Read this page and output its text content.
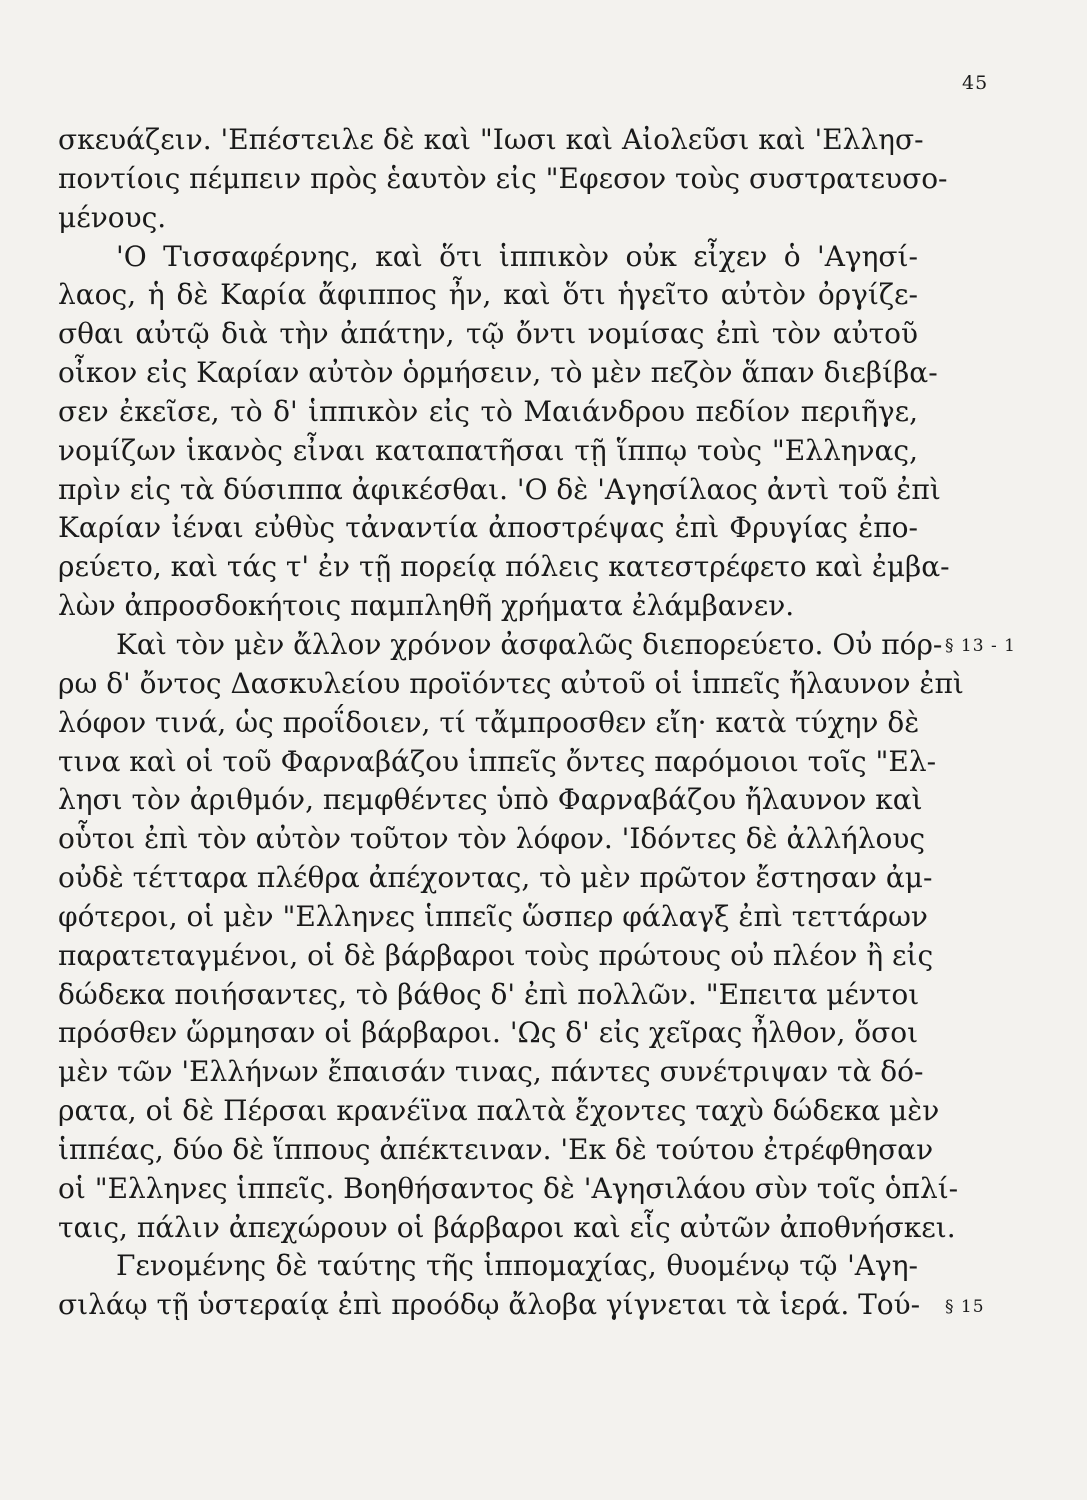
45
σκευάζειν. 'Επέστειλε δὲ καὶ "Ιωσι καὶ Αἰολεῦσι καὶ 'Ελλησ-
ποντίοις πέμπειν πρὸς ἑαυτὸν εἰς "Εφεσον τοὺς συστρατευσο-
μένους.
'Ο Τισσαφέρνης, καὶ ὅτι ἱππικὸν οὐκ εἶχεν ὁ 'Αγησί-
λαος, ἡ δὲ Καρία ἄφιππος ἦν, καὶ ὅτι ἡγεῖτο αὐτὸν ὀργίζε-
σθαι αὐτῷ διὰ τὴν ἀπάτην, τῷ ὄντι νομίσας ἐπὶ τὸν αὐτοῦ
οἶκον εἰς Καρίαν αὐτὸν ὁρμήσειν, τὸ μὲν πεζὸν ἅπαν διεβίβα-
σεν ἐκεῖσε, τὸ δ' ἱππικὸν εἰς τὸ Μαιάνδρου πεδίον περιῆγε,
νομίζων ἱκανὸς εἶναι καταπατῆσαι τῇ ἵππῳ τοὺς "Ελληνας,
πρὶν εἰς τὰ δύσιππα ἀφικέσθαι. 'Ο δὲ 'Αγησίλαος ἀντὶ τοῦ ἐπὶ
Καρίαν ἰέναι εὐθὺς τἀναντία ἀποστρέψας ἐπὶ Φρυγίας ἐπο-
ρεύετο, καὶ τάς τ' ἐν τῇ πορείᾳ πόλεις κατεστρέφετο καὶ ἐμβα-
λὼν ἀπροσδοκήτοις παμπληθῆ χρήματα ἐλάμβανεν.
Καὶ τὸν μὲν ἄλλον χρόνον ἀσφαλῶς διεπορεύετο. Οὐ πόρ-
ρω δ' ὄντος Δασκυλείου προϊόντες αὐτοῦ οἱ ἱππεῖς ἤλαυνον ἐπὶ
λόφον τινά, ὡς προΐδοιεν, τί τἄμπροσθεν εἴη· κατὰ τύχην δὲ
τινα καὶ οἱ τοῦ Φαρναβάζου ἱππεῖς ὄντες παρόμοιοι τοῖς "Ελ-
λησι τὸν ἀριθμόν, πεμφθέντες ὑπὸ Φαρναβάζου ἤλαυνον καὶ
οὗτοι ἐπὶ τὸν αὐτὸν τοῦτον τὸν λόφον. 'Ιδόντες δὲ ἀλλήλους
οὐδὲ τέτταρα πλέθρα ἀπέχοντας, τὸ μὲν πρῶτον ἔστησαν ἀμ-
φότεροι, οἱ μὲν "Ελληνες ἱππεῖς ὥσπερ φάλαγξ ἐπὶ τεττάρων
παρατεταγμένοι, οἱ δὲ βάρβαροι τοὺς πρώτους οὐ πλέον ἢ εἰς
δώδεκα ποιήσαντες, τὸ βάθος δ' ἐπὶ πολλῶν. "Επειτα μέντοι
πρόσθεν ὥρμησαν οἱ βάρβαροι. 'Ως δ' εἰς χεῖρας ἦλθον, ὅσοι
μὲν τῶν 'Ελλήνων ἔπαισάν τινας, πάντες συνέτριψαν τὰ δό-
ρατα, οἱ δὲ Πέρσαι κρανέϊνα παλτὰ ἔχοντες ταχὺ δώδεκα μὲν
ἱππέας, δύο δὲ ἵππους ἀπέκτειναν. 'Εκ δὲ τούτου ἐτρέφθησαν
οἱ "Ελληνες ἱππεῖς. Βοηθήσαντος δὲ 'Αγησιλάου σὺν τοῖς ὁπλί-
ταις, πάλιν ἀπεχώρουν οἱ βάρβαροι καὶ εἷς αὐτῶν ἀποθνήσκει.
Γενομένης δὲ ταύτης τῆς ἱππομαχίας, θυομένῳ τῷ 'Αγη-
σιλάῳ τῇ ὑστεραίᾳ ἐπὶ προόδῳ ἄλοβα γίγνεται τὰ ἱερά. Τού-
§ 13 - 1
§ 15
